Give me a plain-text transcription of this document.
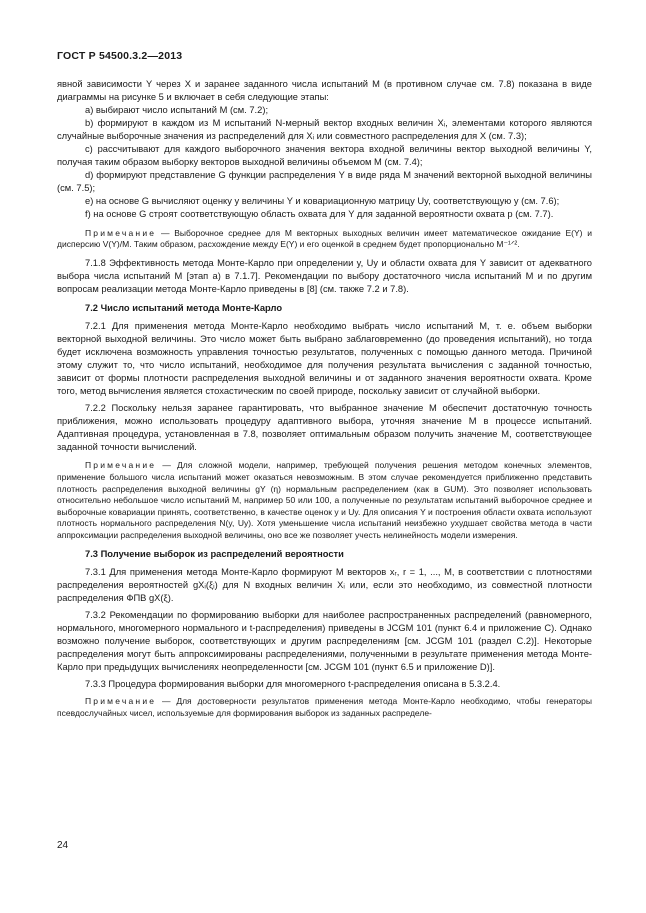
ГОСТ Р 54500.3.2—2013

явной зависимости Y через X и заранее заданного числа испытаний M (в противном случае см. 7.8) показана в виде диаграммы на рисунке 5 и включает в себя следующие этапы:

a) выбирают число испытаний M (см. 7.2);

b) формируют в каждом из M испытаний N-мерный вектор входных величин Xᵢ, элементами которого являются случайные выборочные значения из распределений для Xᵢ или совместного распределения для X (см. 7.3);

c) рассчитывают для каждого выборочного значения вектора входной величины вектор выходной величины Y, получая таким образом выборку векторов выходной величины объемом M (см. 7.4);

d) формируют представление G функции распределения Y в виде ряда M значений векторной выходной величины (см. 7.5);

e) на основе G вычисляют оценку y величины Y и ковариационную матрицу Uy, соответствующую y (см. 7.6);

f) на основе G строят соответствующую область охвата для Y для заданной вероятности охвата p (см. 7.7).

Примечание — Выборочное среднее для M векторных выходных величин имеет математическое ожидание E(Y) и дисперсию V(Y)/M. Таким образом, расхождение между E(Y) и его оценкой в среднем будет пропорционально M⁻¹ᐟ².

7.1.8 Эффективность метода Монте-Карло при определении y, Uy и области охвата для Y зависит от адекватного выбора числа испытаний M [этап a) в 7.1.7]. Рекомендации по выбору достаточного числа испытаний M и по другим вопросам реализации метода Монте-Карло приведены в [8] (см. также 7.2 и 7.8).

7.2 Число испытаний метода Монте-Карло

7.2.1 Для применения метода Монте-Карло необходимо выбрать число испытаний M, т. е. объем выборки векторной выходной величины. Это число может быть выбрано заблаговременно (до проведения испытаний), но тогда будет исключена возможность управления точностью результатов, полученных с помощью данного метода. Причиной этому служит то, что число испытаний, необходимое для получения результата вычисления с заданной точностью, зависит от формы плотности распределения выходной величины и от заданного значения вероятности охвата. Кроме того, метод вычисления является стохастическим по своей природе, поскольку зависит от случайной выборки.

7.2.2 Поскольку нельзя заранее гарантировать, что выбранное значение M обеспечит достаточную точность приближения, можно использовать процедуру адаптивного выбора, уточняя значение M в процессе испытаний. Адаптивная процедура, установленная в 7.8, позволяет оптимальным образом получить значение M, соответствующее заданной точности вычислений.

Примечание — Для сложной модели, например, требующей получения решения методом конечных элементов, применение большого числа испытаний может оказаться невозможным. В этом случае рекомендуется приближенно представить плотность распределения выходной величины gY (η) нормальным распределением (как в GUM). Это позволяет использовать относительно небольшое число испытаний M, например 50 или 100, а полученные по результатам испытаний выборочное среднее и выборочные ковариации принять, соответственно, в качестве оценок y и Uy. Для описания Y и построения области охвата используют плотность нормального распределения N(y, Uy). Хотя уменьшение числа испытаний неизбежно ухудшает свойства метода в части аппроксимации распределения выходной величины, оно все же позволяет учесть нелинейность модели измерения.

7.3 Получение выборок из распределений вероятности

7.3.1 Для применения метода Монте-Карло формируют M векторов xᵣ, r = 1, ..., M, в соответствии с плотностями распределения вероятностей gXᵢ(ξᵢ) для N входных величин Xᵢ или, если это необходимо, из совместной плотности распределения ФПВ gX(ξ).

7.3.2 Рекомендации по формированию выборки для наиболее распространенных распределений (равномерного, нормального, многомерного нормального и t-распределения) приведены в JCGM 101 (пункт 6.4 и приложение C). Однако возможно получение выборок, соответствующих и другим распределениям [см. JCGM 101 (раздел C.2)]. Некоторые распределения могут быть аппроксимированы распределениями, полученными в результате применения метода Монте-Карло при предыдущих вычислениях неопределенности [см. JCGM 101 (пункт 6.5 и приложение D)].

7.3.3 Процедура формирования выборки для многомерного t-распределения описана в 5.3.2.4.

Примечание — Для достоверности результатов применения метода Монте-Карло необходимо, чтобы генераторы псевдослучайных чисел, используемые для формирования выборок из заданных распределе-

24
